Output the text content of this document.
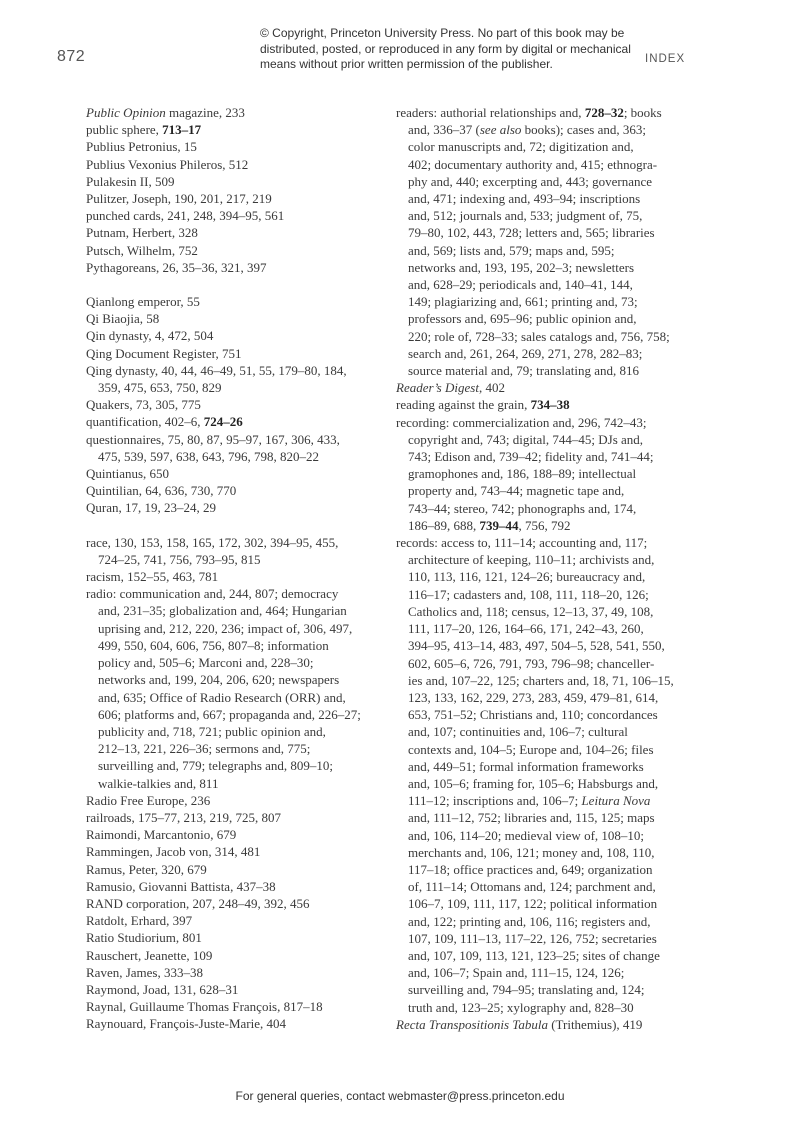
© Copyright, Princeton University Press. No part of this book may be
distributed, posted, or reproduced in any form by digital or mechanical
means without prior written permission of the publisher.
872	INDEX
Public Opinion magazine, 233
public sphere, 713–17
Publius Petronius, 15
Publius Vexonius Phileros, 512
Pulakesin II, 509
Pulitzer, Joseph, 190, 201, 217, 219
punched cards, 241, 248, 394–95, 561
Putnam, Herbert, 328
Putsch, Wilhelm, 752
Pythagoreans, 26, 35–36, 321, 397
Qianlong emperor, 55
Qi Biaojia, 58
Qin dynasty, 4, 472, 504
Qing Document Register, 751
Qing dynasty, 40, 44, 46–49, 51, 55, 179–80, 184,
359, 475, 653, 750, 829
Quakers, 73, 305, 775
quantification, 402–6, 724–26
questionnaires, 75, 80, 87, 95–97, 167, 306, 433,
475, 539, 597, 638, 643, 796, 798, 820–22
Quintianus, 650
Quintilian, 64, 636, 730, 770
Quran, 17, 19, 23–24, 29
race, 130, 153, 158, 165, 172, 302, 394–95, 455,
724–25, 741, 756, 793–95, 815
racism, 152–55, 463, 781
radio: communication and, 244, 807; democracy
and, 231–35; globalization and, 464; Hungarian
uprising and, 212, 220, 236; impact of, 306, 497,
499, 550, 604, 606, 756, 807–8; information
policy and, 505–6; Marconi and, 228–30;
networks and, 199, 204, 206, 620; newspapers
and, 635; Office of Radio Research (ORR) and,
606; platforms and, 667; propaganda and, 226–27;
publicity and, 718, 721; public opinion and,
212–13, 221, 226–36; sermons and, 775;
surveilling and, 779; telegraphs and, 809–10;
walkie-talkies and, 811
Radio Free Europe, 236
railroads, 175–77, 213, 219, 725, 807
Raimondi, Marcantonio, 679
Rammingen, Jacob von, 314, 481
Ramus, Peter, 320, 679
Ramusio, Giovanni Battista, 437–38
RAND corporation, 207, 248–49, 392, 456
Ratdolt, Erhard, 397
Ratio Studiorium, 801
Rauschert, Jeanette, 109
Raven, James, 333–38
Raymond, Joad, 131, 628–31
Raynal, Guillaume Thomas François, 817–18
Raynouard, François-Juste-Marie, 404
readers: authorial relationships and, 728–32; books
and, 336–37 (see also books); cases and, 363;
color manuscripts and, 72; digitization and,
402; documentary authority and, 415; ethnogra-
phy and, 440; excerpting and, 443; governance
and, 471; indexing and, 493–94; inscriptions
and, 512; journals and, 533; judgment of, 75,
79–80, 102, 443, 728; letters and, 565; libraries
and, 569; lists and, 579; maps and, 595;
networks and, 193, 195, 202–3; newsletters
and, 628–29; periodicals and, 140–41, 144,
149; plagiarizing and, 661; printing and, 73;
professors and, 695–96; public opinion and,
220; role of, 728–33; sales catalogs and, 756, 758;
search and, 261, 264, 269, 271, 278, 282–83;
source material and, 79; translating and, 816
Reader’s Digest, 402
reading against the grain, 734–38
recording: commercialization and, 296, 742–43;
copyright and, 743; digital, 744–45; DJs and,
743; Edison and, 739–42; fidelity and, 741–44;
gramophones and, 186, 188–89; intellectual
property and, 743–44; magnetic tape and,
743–44; stereo, 742; phonographs and, 174,
186–89, 688, 739–44, 756, 792
records: access to, 111–14; accounting and, 117;
architecture of keeping, 110–11; archivists and,
110, 113, 116, 121, 124–26; bureaucracy and,
116–17; cadasters and, 108, 111, 118–20, 126;
Catholics and, 118; census, 12–13, 37, 49, 108,
111, 117–20, 126, 164–66, 171, 242–43, 260,
394–95, 413–14, 483, 497, 504–5, 528, 541, 550,
602, 605–6, 726, 791, 793, 796–98; chanceller-
ies and, 107–22, 125; charters and, 18, 71, 106–15,
123, 133, 162, 229, 273, 283, 459, 479–81, 614,
653, 751–52; Christians and, 110; concordances
and, 107; continuities and, 106–7; cultural
contexts and, 104–5; Europe and, 104–26; files
and, 449–51; formal information frameworks
and, 105–6; framing for, 105–6; Habsburgs and,
111–12; inscriptions and, 106–7; Leitura Nova
and, 111–12, 752; libraries and, 115, 125; maps
and, 106, 114–20; medieval view of, 108–10;
merchants and, 106, 121; money and, 108, 110,
117–18; office practices and, 649; organization
of, 111–14; Ottomans and, 124; parchment and,
106–7, 109, 111, 117, 122; political information
and, 122; printing and, 106, 116; registers and,
107, 109, 111–13, 117–22, 126, 752; secretaries
and, 107, 109, 113, 121, 123–25; sites of change
and, 106–7; Spain and, 111–15, 124, 126;
surveilling and, 794–95; translating and, 124;
truth and, 123–25; xylography and, 828–30
Recta Transpositionis Tabula (Trithemius), 419
For general queries, contact webmaster@press.princeton.edu
